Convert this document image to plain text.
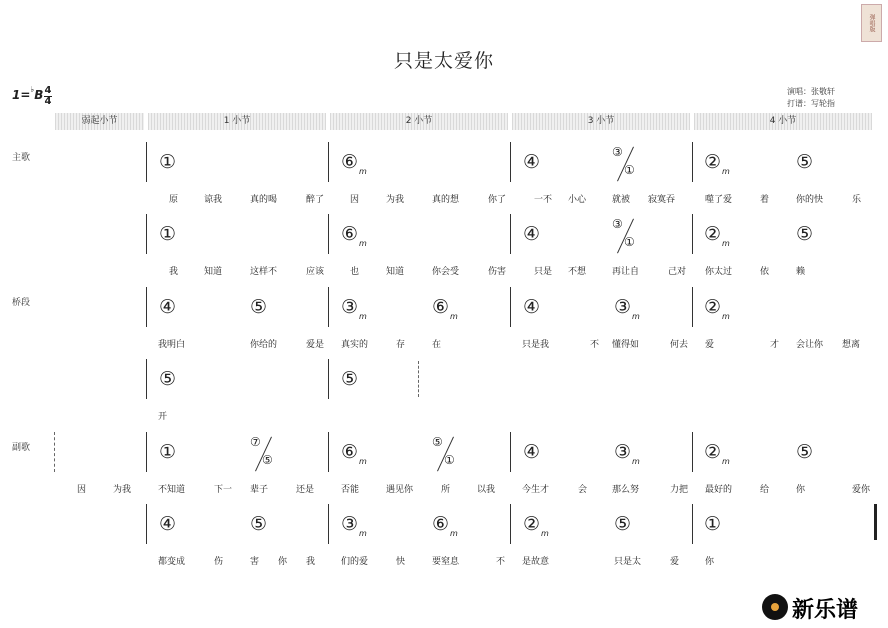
只是太爱你
弹唱版
1=♭B 4
4
演唱：张敬轩
打谱：写轮指
弱起小节	1 小节	2 小节	3 小节	4 小节
主歌
桥段
副歌
①	$⑥_m$	④	$②_m$	⑤
③
①
原	谅我	真的喝	醉了	因	为我	真的想	你了	一不 小心	就被 寂寞吞	噬了爱	着	你的快	乐
①	$⑥_m$	④	$②_m$	⑤
③
①
我	知道	这样不	应该	也	知道	你会受	伤害	只是 不想	再让自	己对 你太过	依	赖
④	⑤	$③_m$	$⑥_m$	④	$③_m$	$②_m$
我明白	你给的	爱是 真实的	存	在	只是我	不 懂得如	何去 爱	才 会让你 想离
⑤	⑤
开
①	$⑥_m$	④	$③_m$	$②_m$	⑤
⑦
⑤
⑤
①
因	为我	不知道	下一 辈子	还是	否能	遇见你	所	以我	今生才	会	那么努	力把 最好的	给	你	爱你
④	⑤	$③_m$	$⑥_m$	$②_m$	⑤	①
都变成	伤	害 你 我	们的爱	快	要窒息	不 是故意	只是太	爱	你
新乐谱
